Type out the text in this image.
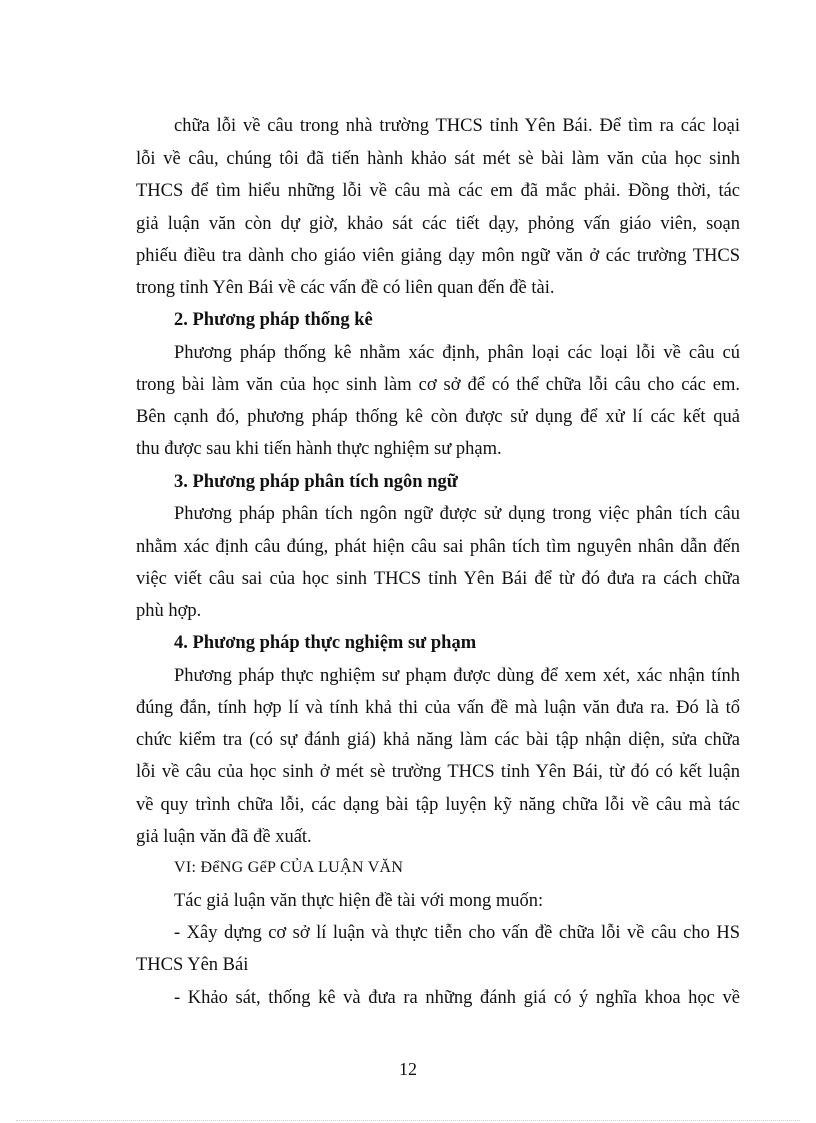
chữa lỗi về câu trong nhà trường THCS tỉnh Yên Bái. Để tìm ra các loại
lỗi về câu, chúng tôi đã tiến hành khảo sát mét sè bài làm văn của học sinh
THCS để tìm hiểu những lỗi về câu mà các em đã mắc phải. Đồng thời, tác
giả luận văn còn dự giờ, khảo sát các tiết dạy, phỏng vấn giáo viên, soạn
phiếu điều tra dành cho giáo viên giảng dạy môn ngữ văn ở các trường THCS
trong tỉnh Yên Bái về các vấn đề có liên quan đến đề tài.
2. Phương pháp thống kê
Phương pháp thống kê nhằm xác định, phân loại các loại lỗi về câu cú
trong bài làm văn của học sinh làm cơ sở để có thể chữa lỗi câu cho các em.
Bên cạnh đó, phương pháp thống kê còn được sử dụng để xử lí các kết quả
thu được sau khi tiến hành thực nghiệm sư phạm.
3. Phương pháp phân tích ngôn ngữ
Phương pháp phân tích ngôn ngữ được sử dụng trong việc phân tích câu
nhằm xác định câu đúng, phát hiện câu sai phân tích tìm nguyên nhân dẫn đến
việc viết câu sai của học sinh THCS tỉnh Yên Bái để từ đó đưa ra cách chữa
phù hợp.
4. Phương pháp thực nghiệm sư phạm
Phương pháp thực nghiệm sư phạm được dùng để xem xét, xác nhận tính
đúng đắn, tính hợp lí và tính khả thi của vấn đề mà luận văn đưa ra. Đó là tổ
chức kiểm tra (có sự đánh giá) khả năng làm các bài tập nhận diện, sửa chữa
lỗi về câu của học sinh ở mét sè trường THCS tỉnh Yên Bái, từ đó có kết luận
về quy trình chữa lỗi, các dạng bài tập luyện kỹ năng chữa lỗi về câu mà tác
giả luận văn đã đề xuất.
VI: ĐểNG GểP CỦA LUẬN VĂN
Tác giả luận văn thực hiện đề tài với mong muốn:
- Xây dựng cơ sở lí luận và thực tiễn cho vấn đề chữa lỗi về câu cho HS
THCS Yên Bái
- Khảo sát, thống kê và đưa ra những đánh giá có ý nghĩa khoa học về
12
